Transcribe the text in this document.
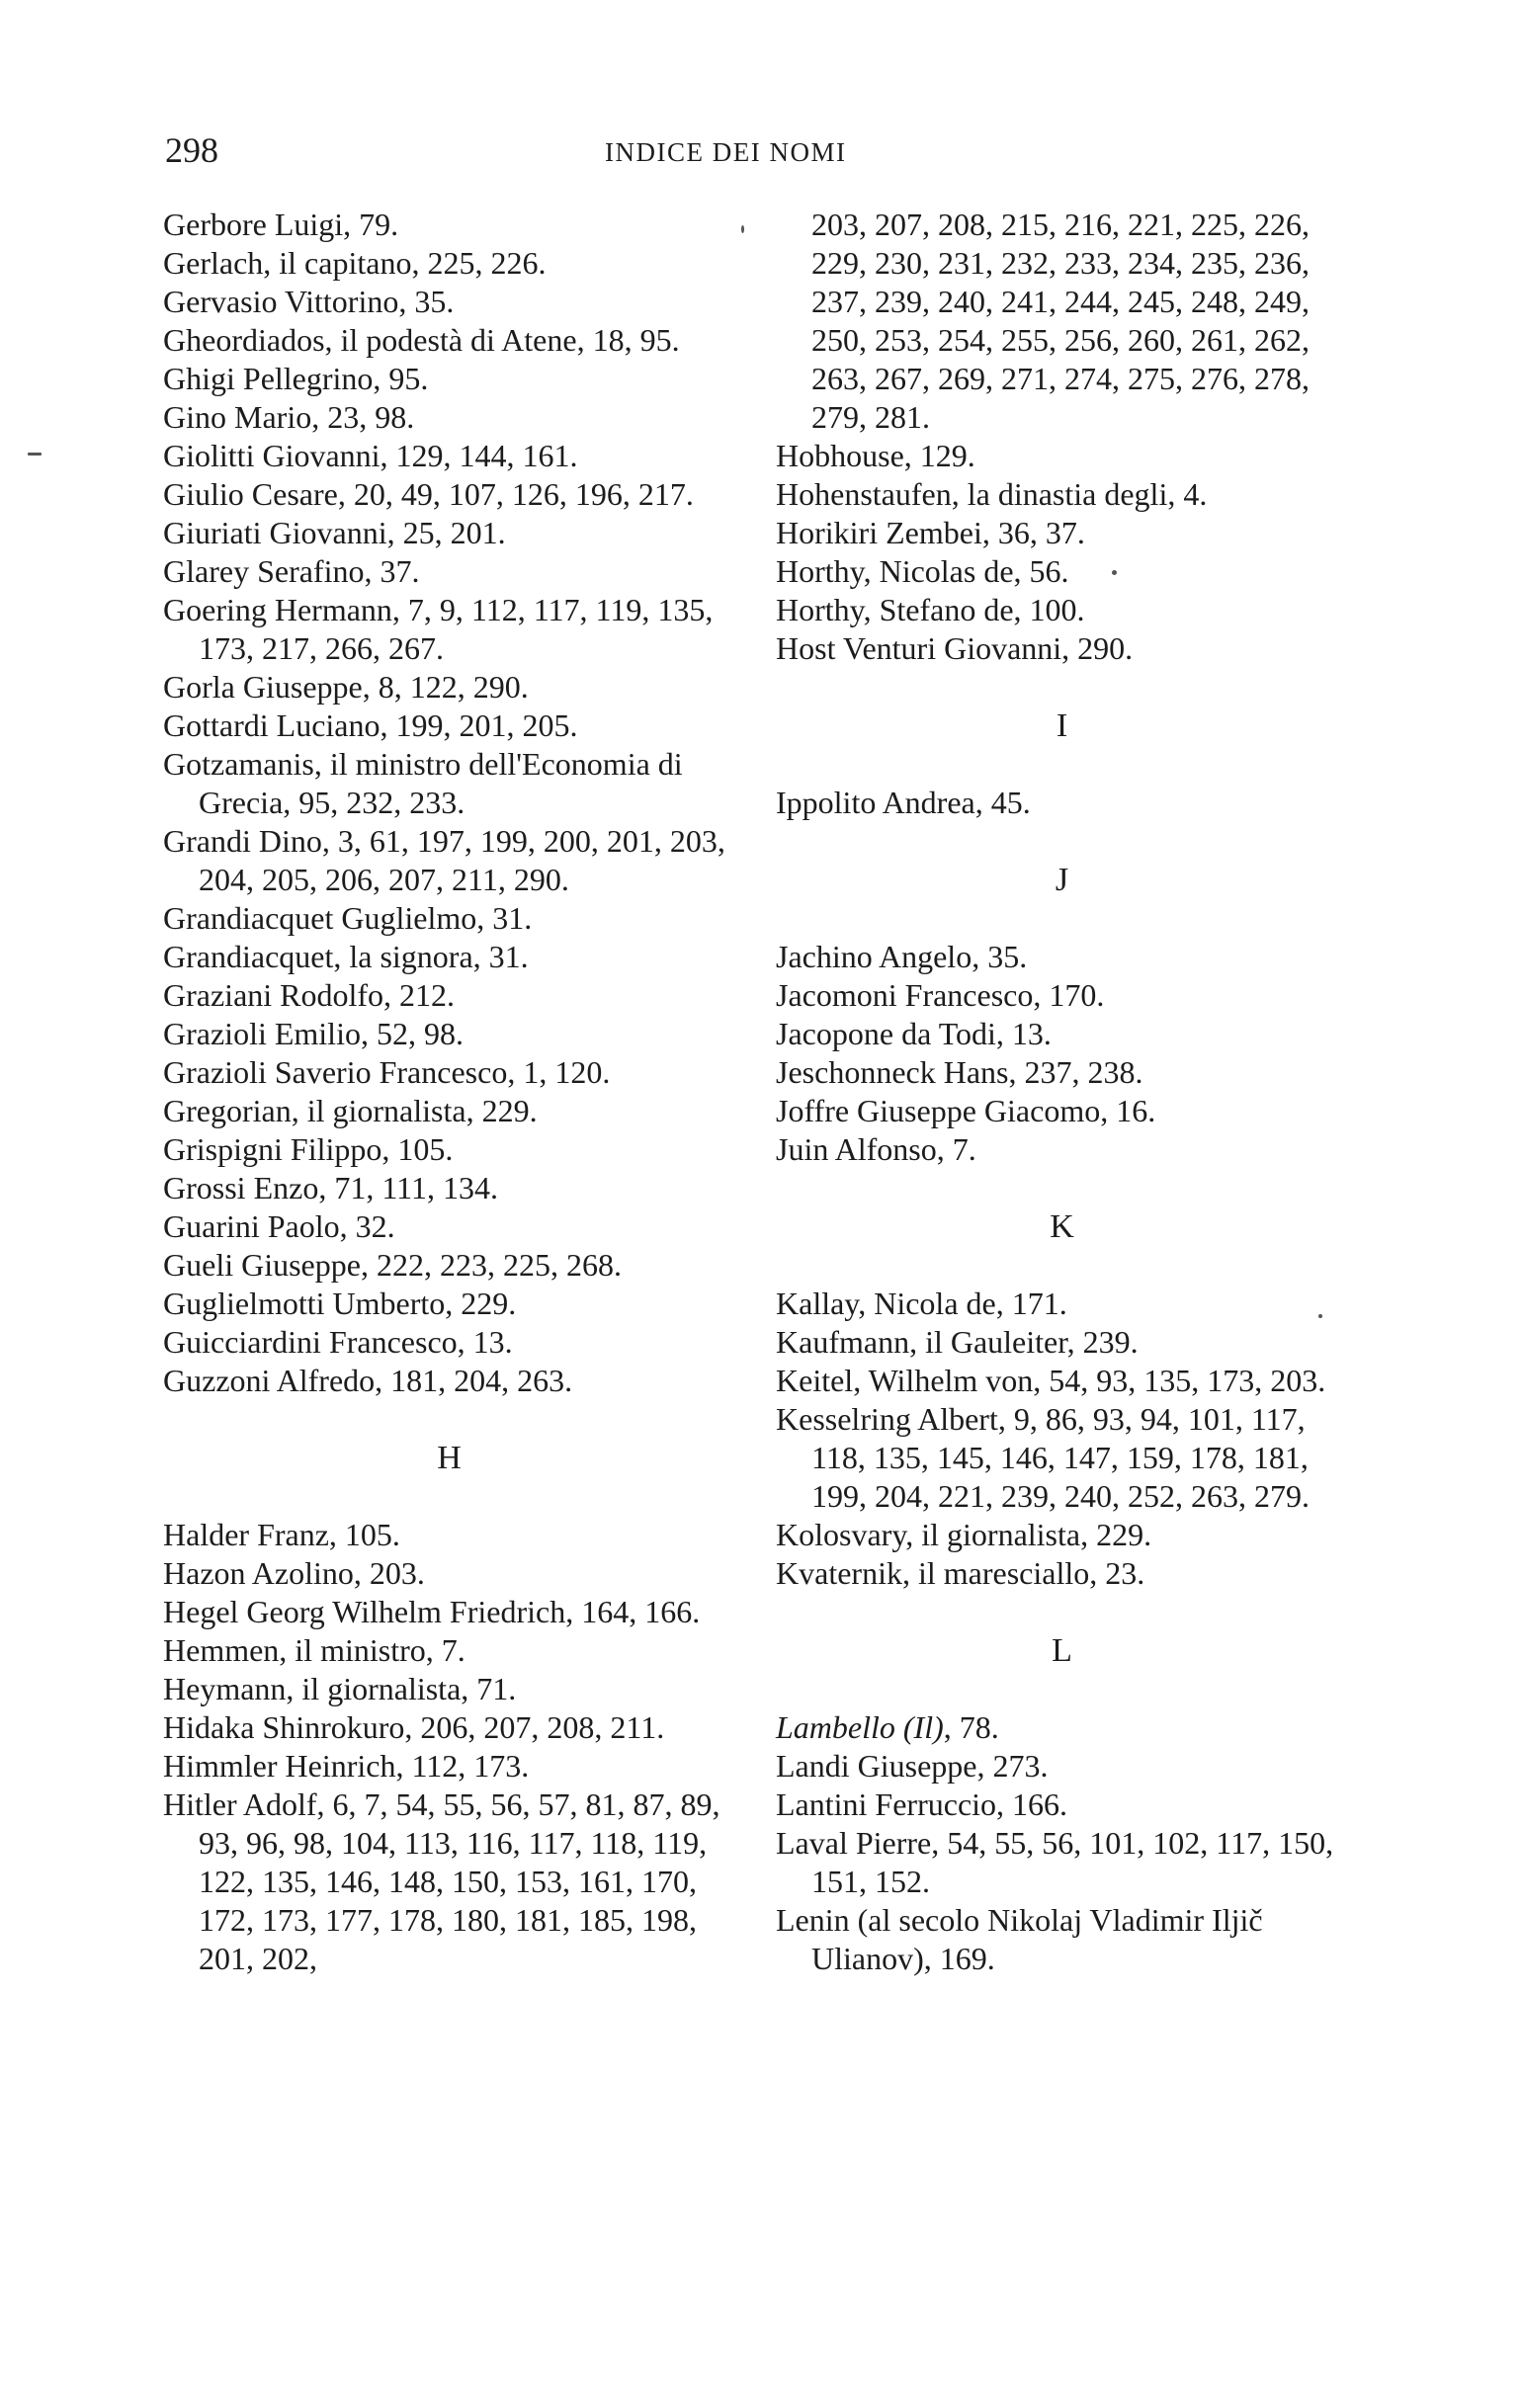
298	INDICE DEI NOMI
Gerbore Luigi, 79.
Gerlach, il capitano, 225, 226.
Gervasio Vittorino, 35.
Gheordiados, il podestà di Atene, 18, 95.
Ghigi Pellegrino, 95.
Gino Mario, 23, 98.
Giolitti Giovanni, 129, 144, 161.
Giulio Cesare, 20, 49, 107, 126, 196, 217.
Giuriati Giovanni, 25, 201.
Glarey Serafino, 37.
Goering Hermann, 7, 9, 112, 117, 119, 135, 173, 217, 266, 267.
Gorla Giuseppe, 8, 122, 290.
Gottardi Luciano, 199, 201, 205.
Gotzamanis, il ministro dell'Economia di Grecia, 95, 232, 233.
Grandi Dino, 3, 61, 197, 199, 200, 201, 203, 204, 205, 206, 207, 211, 290.
Grandiacquet Guglielmo, 31.
Grandiacquet, la signora, 31.
Graziani Rodolfo, 212.
Grazioli Emilio, 52, 98.
Grazioli Saverio Francesco, 1, 120.
Gregorian, il giornalista, 229.
Grispigni Filippo, 105.
Grossi Enzo, 71, 111, 134.
Guarini Paolo, 32.
Gueli Giuseppe, 222, 223, 225, 268.
Guglielmotti Umberto, 229.
Guicciardini Francesco, 13.
Guzzoni Alfredo, 181, 204, 263.
H
Halder Franz, 105.
Hazon Azolino, 203.
Hegel Georg Wilhelm Friedrich, 164, 166.
Hemmen, il ministro, 7.
Heymann, il giornalista, 71.
Hidaka Shinrokuro, 206, 207, 208, 211.
Himmler Heinrich, 112, 173.
Hitler Adolf, 6, 7, 54, 55, 56, 57, 81, 87, 89, 93, 96, 98, 104, 113, 116, 117, 118, 119, 122, 135, 146, 148, 150, 153, 161, 170, 172, 173, 177, 178, 180, 181, 185, 198, 201, 202,
203, 207, 208, 215, 216, 221, 225, 226, 229, 230, 231, 232, 233, 234, 235, 236, 237, 239, 240, 241, 244, 245, 248, 249, 250, 253, 254, 255, 256, 260, 261, 262, 263, 267, 269, 271, 274, 275, 276, 278, 279, 281.
Hobhouse, 129.
Hohenstaufen, la dinastia degli, 4.
Horikiri Zembei, 36, 37.
Horthy, Nicolas de, 56.
Horthy, Stefano de, 100.
Host Venturi Giovanni, 290.
I
Ippolito Andrea, 45.
J
Jachino Angelo, 35.
Jacomoni Francesco, 170.
Jacopone da Todi, 13.
Jeschonneck Hans, 237, 238.
Joffre Giuseppe Giacomo, 16.
Juin Alfonso, 7.
K
Kallay, Nicola de, 171.
Kaufmann, il Gauleiter, 239.
Keitel, Wilhelm von, 54, 93, 135, 173, 203.
Kesselring Albert, 9, 86, 93, 94, 101, 117, 118, 135, 145, 146, 147, 159, 178, 181, 199, 204, 221, 239, 240, 252, 263, 279.
Kolosvary, il giornalista, 229.
Kvaternik, il maresciallo, 23.
L
Lambello (Il), 78.
Landi Giuseppe, 273.
Lantini Ferruccio, 166.
Laval Pierre, 54, 55, 56, 101, 102, 117, 150, 151, 152.
Lenin (al secolo Nikolaj Vladimir Iljič Ulianov), 169.
